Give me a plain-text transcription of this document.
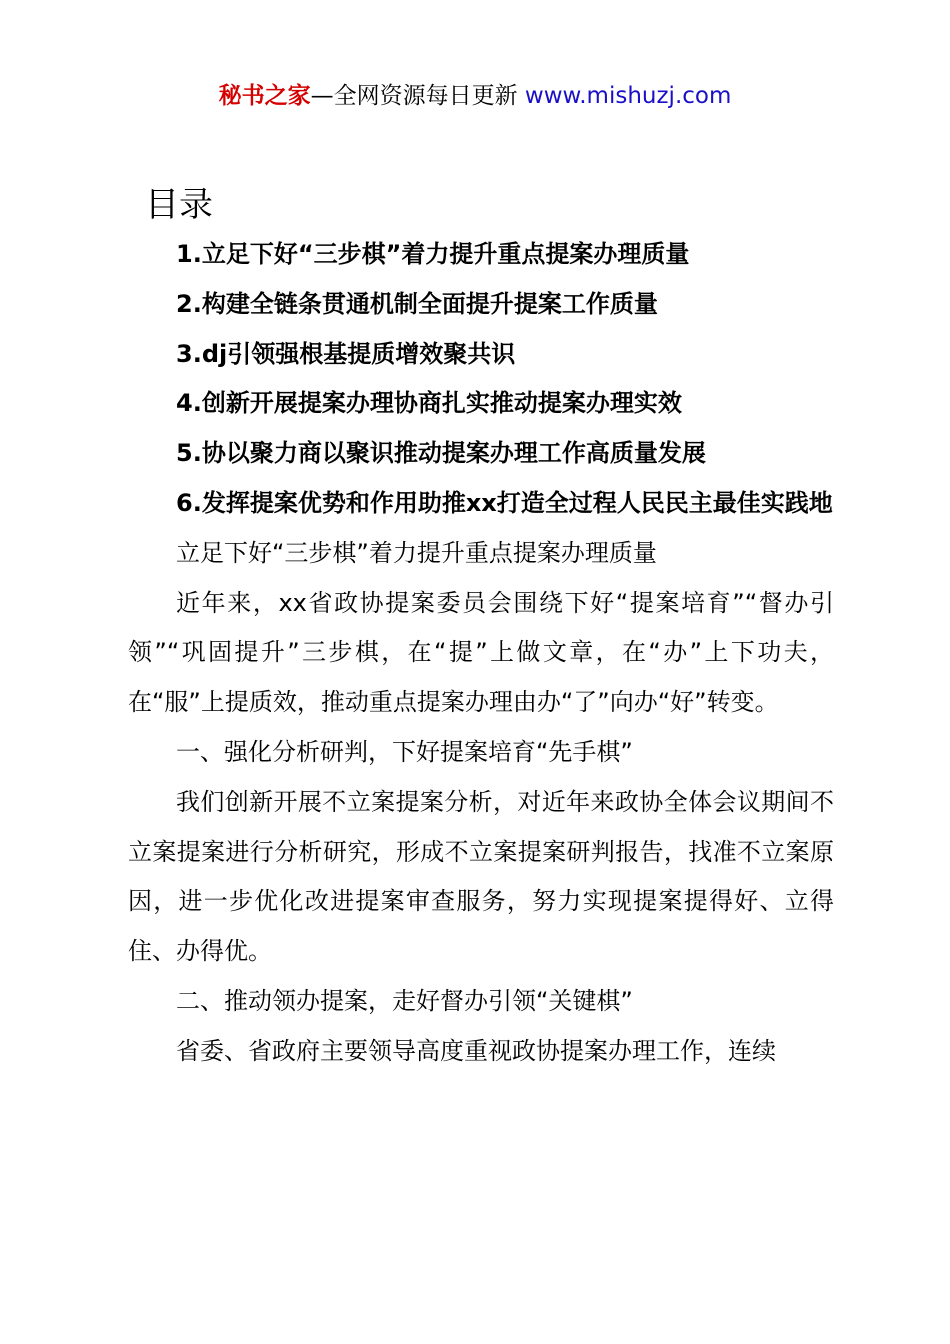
秘书之家—全网资源每日更新 www.mishuzj.com
目录

1.立足下好“三步棋”着力提升重点提案办理质量

2.构建全链条贯通机制全面提升提案工作质量

3.dj引领强根基提质增效聚共识

4.创新开展提案办理协商扎实推动提案办理实效

5.协以聚力商以聚识推动提案办理工作高质量发展

6.发挥提案优势和作用助推xx打造全过程人民民主最佳实践地

立足下好“三步棋”着力提升重点提案办理质量

近年来，xx省政协提案委员会围绕下好“提案培育”“督办引领”“巩固提升”三步棋，在“提”上做文章，在“办”上下功夫，在“服”上提质效，推动重点提案办理由办“了”向办“好”转变。

一、强化分析研判，下好提案培育“先手棋”

我们创新开展不立案提案分析，对近年来政协全体会议期间不立案提案进行分析研究，形成不立案提案研判报告，找准不立案原因，进一步优化改进提案审查服务，努力实现提案提得好、立得住、办得优。

二、推动领办提案，走好督办引领“关键棋”

省委、省政府主要领导高度重视政协提案办理工作，连续
